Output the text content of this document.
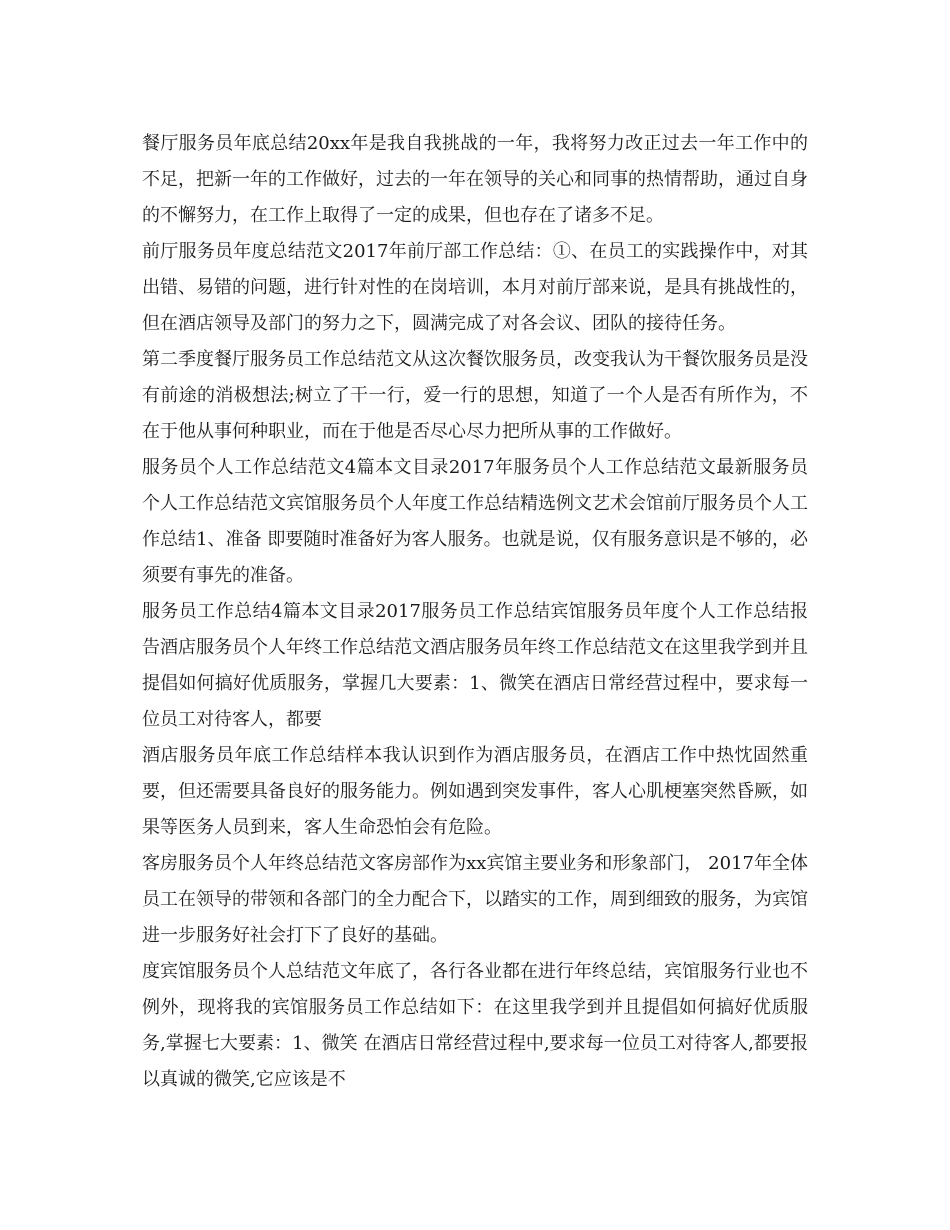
餐厅服务员年底总结20xx年是我自我挑战的一年，我将努力改正过去一年工作中的不足，把新一年的工作做好，过去的一年在领导的关心和同事的热情帮助，通过自身的不懈努力，在工作上取得了一定的成果，但也存在了诸多不足。

前厅服务员年度总结范文2017年前厅部工作总结：①、在员工的实践操作中，对其出错、易错的问题，进行针对性的在岗培训，本月对前厅部来说，是具有挑战性的，但在酒店领导及部门的努力之下，圆满完成了对各会议、团队的接待任务。

第二季度餐厅服务员工作总结范文从这次餐饮服务员，改变我认为干餐饮服务员是没有前途的消极想法;树立了干一行，爱一行的思想，知道了一个人是否有所作为，不在于他从事何种职业，而在于他是否尽心尽力把所从事的工作做好。

服务员个人工作总结范文4篇本文目录2017年服务员个人工作总结范文最新服务员个人工作总结范文宾馆服务员个人年度工作总结精选例文艺术会馆前厅服务员个人工作总结1、准备 即要随时准备好为客人服务。也就是说，仅有服务意识是不够的，必须要有事先的准备。

服务员工作总结4篇本文目录2017服务员工作总结宾馆服务员年度个人工作总结报告酒店服务员个人年终工作总结范文酒店服务员年终工作总结范文在这里我学到并且提倡如何搞好优质服务，掌握几大要素：1、微笑在酒店日常经营过程中，要求每一位员工对待客人，都要

酒店服务员年底工作总结样本我认识到作为酒店服务员，在酒店工作中热忱固然重要，但还需要具备良好的服务能力。例如遇到突发事件，客人心肌梗塞突然昏厥，如果等医务人员到来，客人生命恐怕会有危险。

客房服务员个人年终总结范文客房部作为xx宾馆主要业务和形象部门， 2017年全体员工在领导的带领和各部门的全力配合下，以踏实的工作，周到细致的服务，为宾馆进一步服务好社会打下了良好的基础。

度宾馆服务员个人总结范文年底了，各行各业都在进行年终总结，宾馆服务行业也不例外，现将我的宾馆服务员工作总结如下：在这里我学到并且提倡如何搞好优质服务,掌握七大要素：1、微笑 在酒店日常经营过程中,要求每一位员工对待客人,都要报以真诚的微笑,它应该是不
